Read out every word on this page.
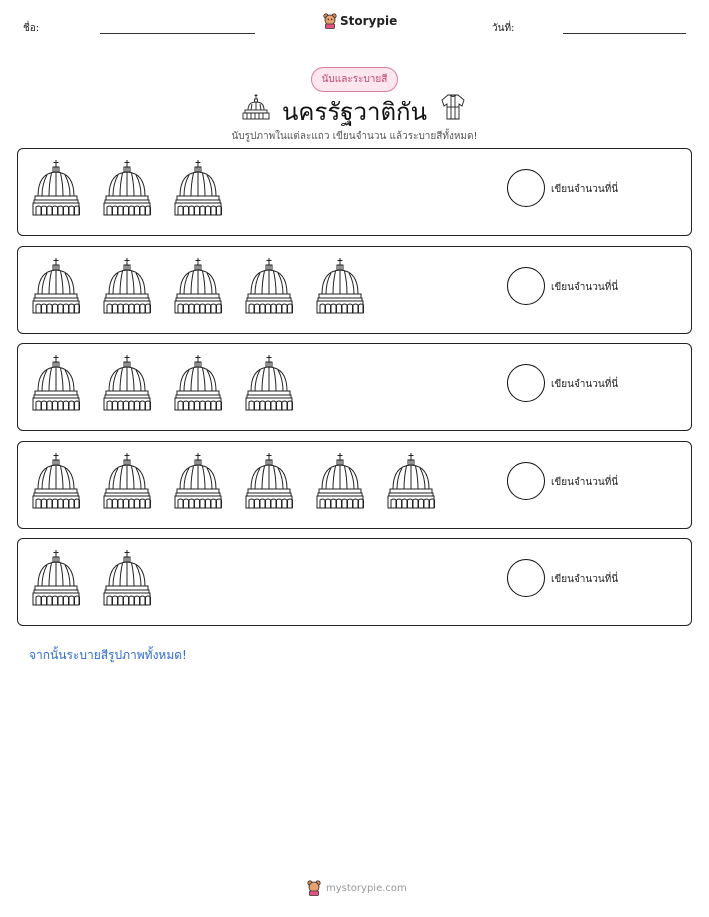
ชื่อ:
Storypie
วันที่:
นับและระบายสี
นครรัฐวาติกัน
นับรูปภาพในแต่ละแถว เขียนจำนวน แล้วระบายสีทั้งหมด!
เขียนจำนวนที่นี่
เขียนจำนวนที่นี่
เขียนจำนวนที่นี่
เขียนจำนวนที่นี่
เขียนจำนวนที่นี่
จากนั้นระบายสีรูปภาพทั้งหมด!
mystorypie.com
